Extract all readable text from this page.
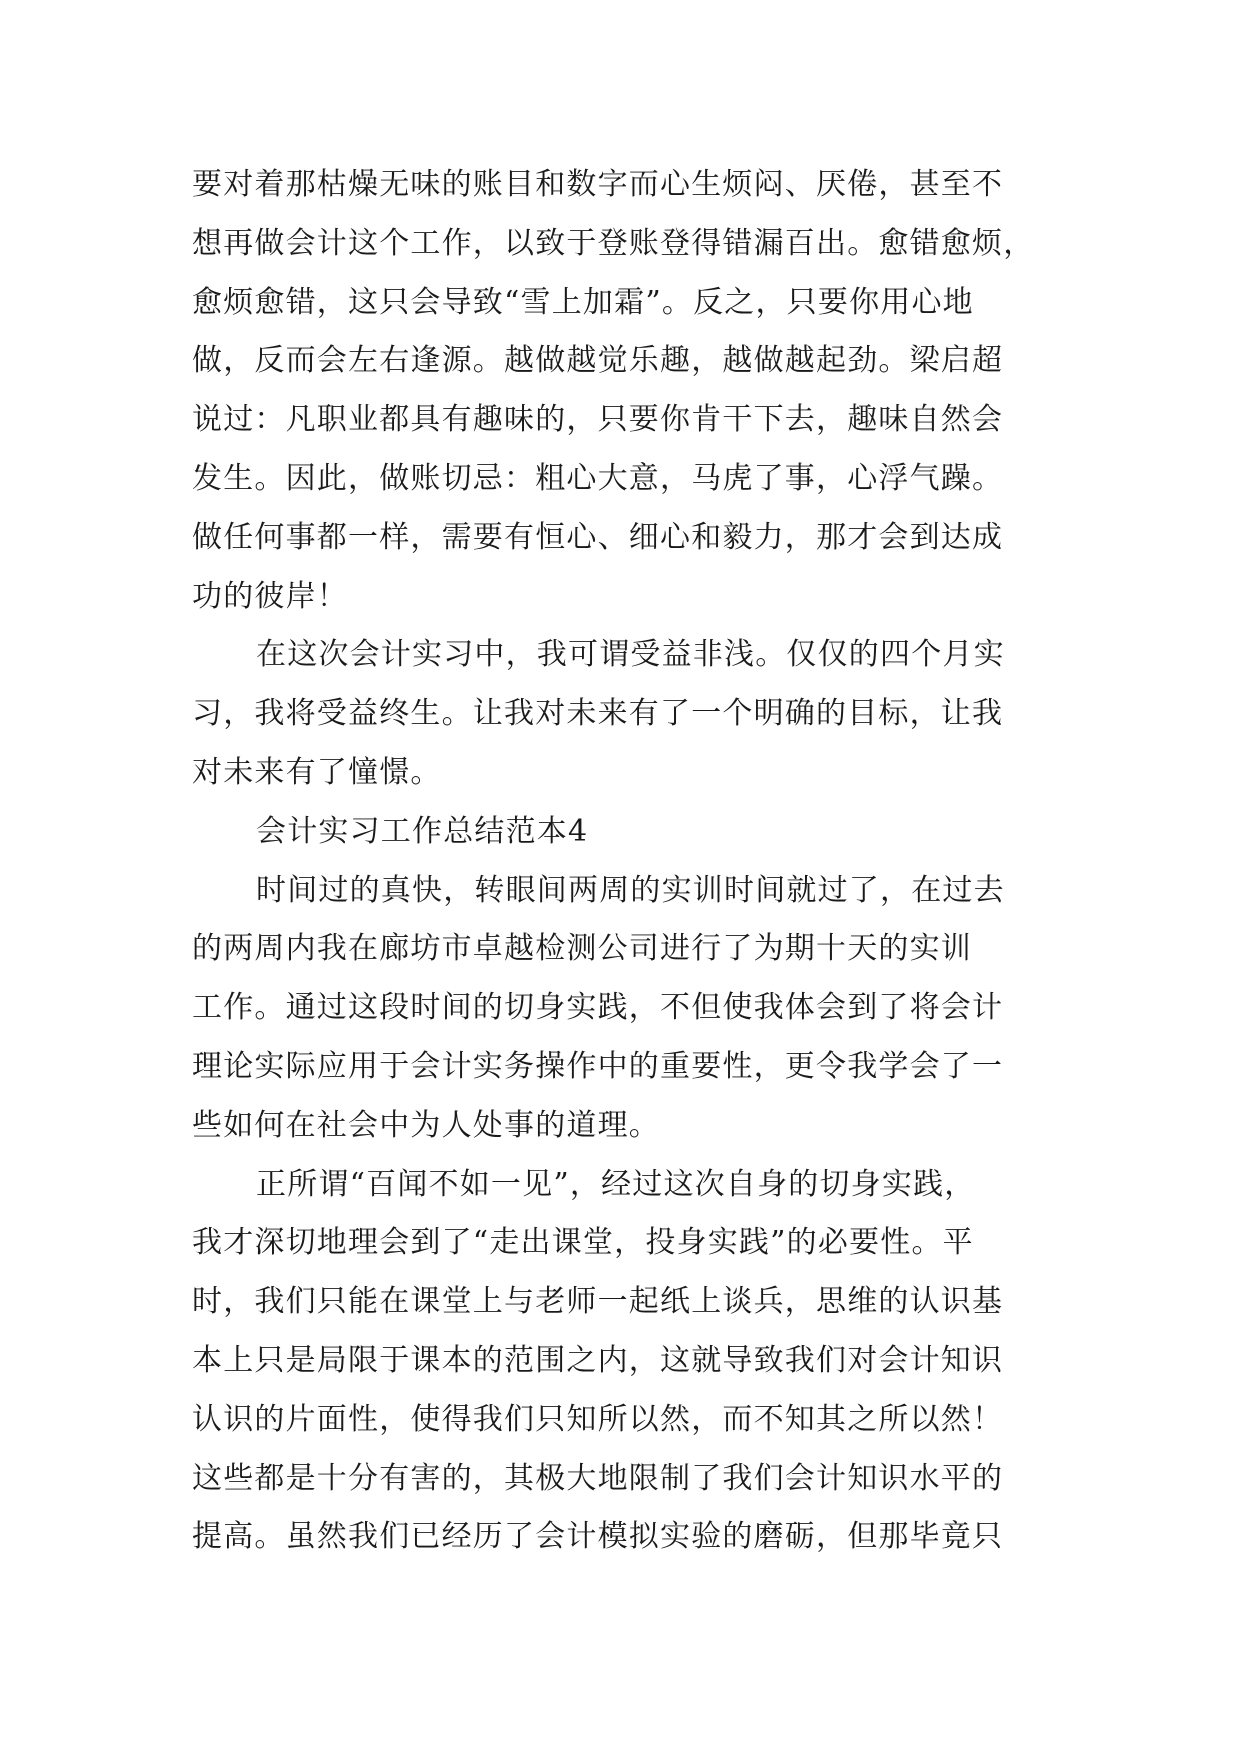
要对着那枯燥无味的账目和数字而心生烦闷、厌倦，甚至不
想再做会计这个工作，以致于登账登得错漏百出。愈错愈烦，
愈烦愈错，这只会导致“雪上加霜”。反之，只要你用心地
做，反而会左右逢源。越做越觉乐趣，越做越起劲。梁启超
说过：凡职业都具有趣味的，只要你肯干下去，趣味自然会
发生。因此，做账切忌：粗心大意，马虎了事，心浮气躁。
做任何事都一样，需要有恒心、细心和毅力，那才会到达成
功的彼岸！
在这次会计实习中，我可谓受益非浅。仅仅的四个月实
习，我将受益终生。让我对未来有了一个明确的目标，让我
对未来有了憧憬。
会计实习工作总结范本4
时间过的真快，转眼间两周的实训时间就过了，在过去
的两周内我在廊坊市卓越检测公司进行了为期十天的实训
工作。通过这段时间的切身实践，不但使我体会到了将会计
理论实际应用于会计实务操作中的重要性，更令我学会了一
些如何在社会中为人处事的道理。
正所谓“百闻不如一见”，经过这次自身的切身实践，
我才深切地理会到了“走出课堂，投身实践”的必要性。平
时，我们只能在课堂上与老师一起纸上谈兵，思维的认识基
本上只是局限于课本的范围之内，这就导致我们对会计知识
认识的片面性，使得我们只知所以然，而不知其之所以然！
这些都是十分有害的，其极大地限制了我们会计知识水平的
提高。虽然我们已经历了会计模拟实验的磨砺，但那毕竟只
